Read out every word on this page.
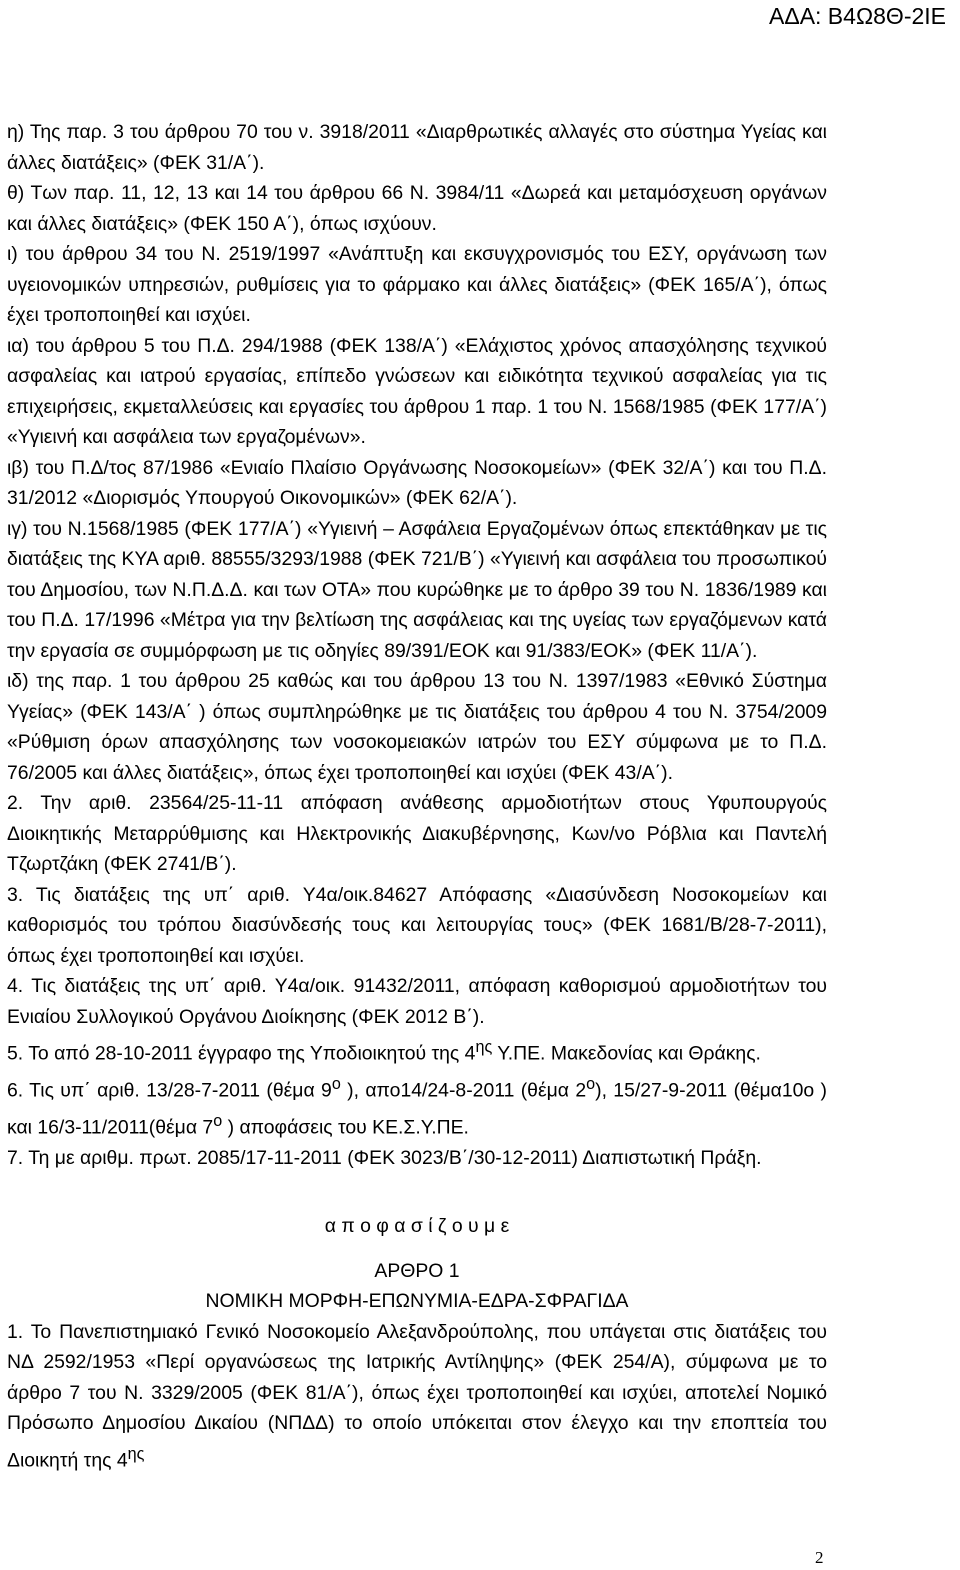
ΑΔΑ: Β4Ω8Θ-2ΙΕ

η) Της παρ. 3 του άρθρου 70 του ν. 3918/2011 «Διαρθρωτικές αλλαγές στο σύστημα Υγείας και άλλες διατάξεις» (ΦΕΚ 31/Α΄).

θ) Των παρ. 11, 12, 13 και 14 του άρθρου 66 Ν. 3984/11 «Δωρεά και μεταμόσχευση οργάνων και άλλες διατάξεις» (ΦΕΚ 150 Α΄), όπως ισχύουν.

ι) του άρθρου 34 του Ν. 2519/1997 «Ανάπτυξη και εκσυγχρονισμός του ΕΣΥ, οργάνωση των υγειονομικών υπηρεσιών, ρυθμίσεις για το φάρμακο και άλλες διατάξεις» (ΦΕΚ 165/Α΄), όπως έχει τροποποιηθεί και ισχύει.

ια) του άρθρου 5 του Π.Δ. 294/1988 (ΦΕΚ 138/Α΄) «Ελάχιστος χρόνος απασχόλησης τεχνικού ασφαλείας και ιατρού εργασίας, επίπεδο γνώσεων και ειδικότητα τεχνικού ασφαλείας για τις επιχειρήσεις, εκμεταλλεύσεις και εργασίες του άρθρου 1 παρ. 1 του Ν. 1568/1985 (ΦΕΚ 177/Α΄) «Υγιεινή και ασφάλεια των εργαζομένων».

ιβ) του Π.Δ/τος 87/1986 «Ενιαίο Πλαίσιο Οργάνωσης Νοσοκομείων» (ΦΕΚ 32/Α΄) και του Π.Δ. 31/2012 «Διορισμός Υπουργού Οικονομικών» (ΦΕΚ 62/Α΄).

ιγ) του Ν.1568/1985 (ΦΕΚ 177/Α΄) «Υγιεινή – Ασφάλεια Εργαζομένων όπως επεκτάθηκαν με τις διατάξεις της ΚΥΑ αριθ. 88555/3293/1988 (ΦΕΚ 721/Β΄) «Υγιεινή και ασφάλεια του προσωπικού του Δημοσίου, των Ν.Π.Δ.Δ. και των ΟΤΑ» που κυρώθηκε με το άρθρο 39 του Ν. 1836/1989 και του Π.Δ. 17/1996 «Μέτρα για την βελτίωση της ασφάλειας και της υγείας των εργαζόμενων κατά την εργασία σε συμμόρφωση με τις οδηγίες 89/391/ΕΟΚ και 91/383/ΕΟΚ» (ΦΕΚ 11/Α΄).

ιδ) της παρ. 1 του άρθρου 25 καθώς και του άρθρου 13 του Ν. 1397/1983 «Εθνικό Σύστημα Υγείας» (ΦΕΚ 143/Α΄ ) όπως συμπληρώθηκε με τις διατάξεις του άρθρου 4 του Ν. 3754/2009 «Ρύθμιση όρων απασχόλησης των νοσοκομειακών ιατρών του ΕΣΥ σύμφωνα με το Π.Δ. 76/2005 και άλλες διατάξεις», όπως έχει τροποποιηθεί και ισχύει (ΦΕΚ 43/Α΄).

2. Την αριθ. 23564/25-11-11 απόφαση ανάθεσης αρμοδιοτήτων στους Υφυπουργούς Διοικητικής Μεταρρύθμισης και Ηλεκτρονικής Διακυβέρνησης, Κων/νο Ρόβλια και Παντελή Τζωρτζάκη (ΦΕΚ 2741/Β΄).

3. Τις διατάξεις της υπ΄ αριθ. Υ4α/οικ.84627 Απόφασης «Διασύνδεση Νοσοκομείων και καθορισμός του τρόπου διασύνδεσής τους και λειτουργίας τους» (ΦΕΚ 1681/Β/28-7-2011), όπως έχει τροποποιηθεί και ισχύει.

4. Τις διατάξεις της υπ΄ αριθ. Υ4α/οικ. 91432/2011, απόφαση καθορισμού αρμοδιοτήτων του Ενιαίου Συλλογικού Οργάνου Διοίκησης (ΦΕΚ 2012 Β΄).

5. Το από 28-10-2011 έγγραφο της Υποδιοικητού της $4^{\eta\varsigma}$ Υ.ΠΕ. Μακεδονίας και Θράκης.

6. Τις υπ΄ αριθ. 13/28-7-2011 (θέμα $9^o$ ), απο14/24-8-2011 (θέμα $2^o$), 15/27-9-2011 (θέμα10ο ) και 16/3-11/2011(θέμα $7^o$ ) αποφάσεις του ΚΕ.Σ.Υ.ΠΕ.

7. Τη με αριθμ. πρωτ. 2085/17-11-2011 (ΦΕΚ 3023/Β΄/30-12-2011) Διαπιστωτική Πράξη.

α π ο φ α σ ί ζ ο υ μ ε

ΑΡΘΡΟ 1

ΝΟΜΙΚΗ ΜΟΡΦΗ-ΕΠΩΝΥΜΙΑ-ΕΔΡΑ-ΣΦΡΑΓΙΔΑ

1. Το Πανεπιστημιακό Γενικό Νοσοκομείο Αλεξανδρούπολης, που υπάγεται στις διατάξεις του ΝΔ 2592/1953 «Περί οργανώσεως της Ιατρικής Αντίληψης» (ΦΕΚ 254/Α), σύμφωνα με το άρθρο 7 του Ν. 3329/2005 (ΦΕΚ 81/Α΄), όπως έχει τροποποιηθεί και ισχύει, αποτελεί Νομικό Πρόσωπο Δημοσίου Δικαίου (ΝΠΔΔ) το οποίο υπόκειται στον έλεγχο και την εποπτεία του Διοικητή της $4^{\eta\varsigma}$

2
